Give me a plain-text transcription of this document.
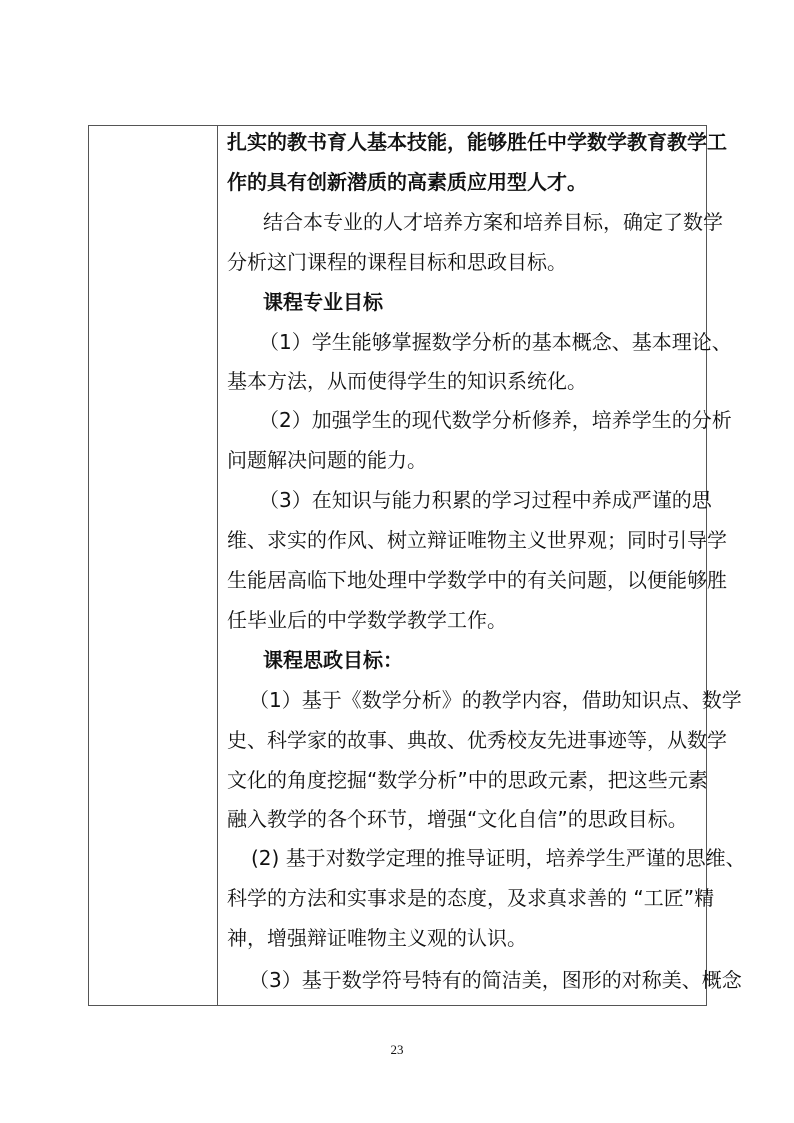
扎实的教书育人基本技能，能够胜任中学数学教育教学工
作的具有创新潜质的高素质应用型人才。
结合本专业的人才培养方案和培养目标，确定了数学
分析这门课程的课程目标和思政目标。
课程专业目标
（1）学生能够掌握数学分析的基本概念、基本理论、
基本方法，从而使得学生的知识系统化。
（2）加强学生的现代数学分析修养，培养学生的分析
问题解决问题的能力。
（3）在知识与能力积累的学习过程中养成严谨的思
维、求实的作风、树立辩证唯物主义世界观；同时引导学
生能居高临下地处理中学数学中的有关问题，以便能够胜
任毕业后的中学数学教学工作。
课程思政目标：
（1）基于《数学分析》的教学内容，借助知识点、数学
史、科学家的故事、典故、优秀校友先进事迹等，从数学
文化的角度挖掘“数学分析”中的思政元素，把这些元素
融入教学的各个环节，增强“文化自信”的思政目标。
(2) 基于对数学定理的推导证明，培养学生严谨的思维、
科学的方法和实事求是的态度，及求真求善的 “工匠”精
神，增强辩证唯物主义观的认识。
（3）基于数学符号特有的简洁美，图形的对称美、概念
23
